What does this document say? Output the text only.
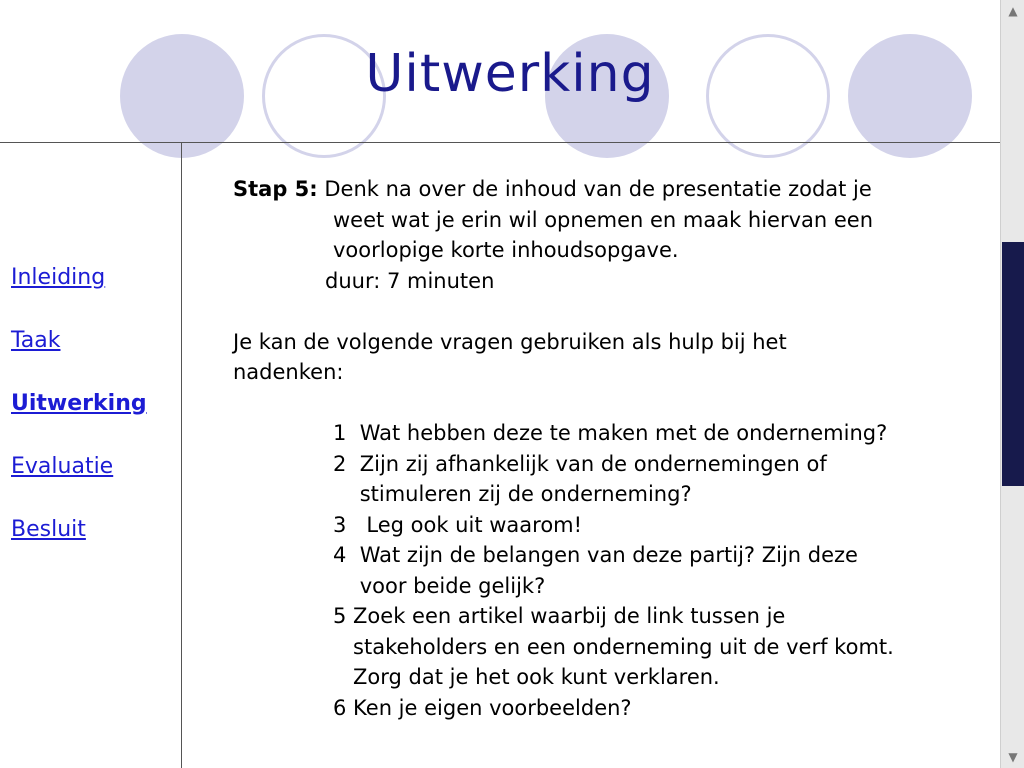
Uitwerking
Inleiding
Taak
Uitwerking
Evaluatie
Besluit

Stap 5: Denk na over de inhoud van de presentatie zodat je

weet wat je erin wil opnemen en maak hiervan een

voorlopige korte inhoudsopgave.

duur: 7 minuten

Je kan de volgende vragen gebruiken als hulp bij het

nadenken:

1 Wat hebben deze te maken met de onderneming?
2 Zijn zij afhankelijk van de ondernemingen of
stimuleren zij de onderneming?
3 Leg ook uit waarom!
4 Wat zijn de belangen van deze partij? Zijn deze
voor beide gelijk?
5 Zoek een artikel waarbij de link tussen je
stakeholders en een onderneming uit de verf komt.
Zorg dat je het ook kunt verklaren.
6 Ken je eigen voorbeelden?
▲
▼
